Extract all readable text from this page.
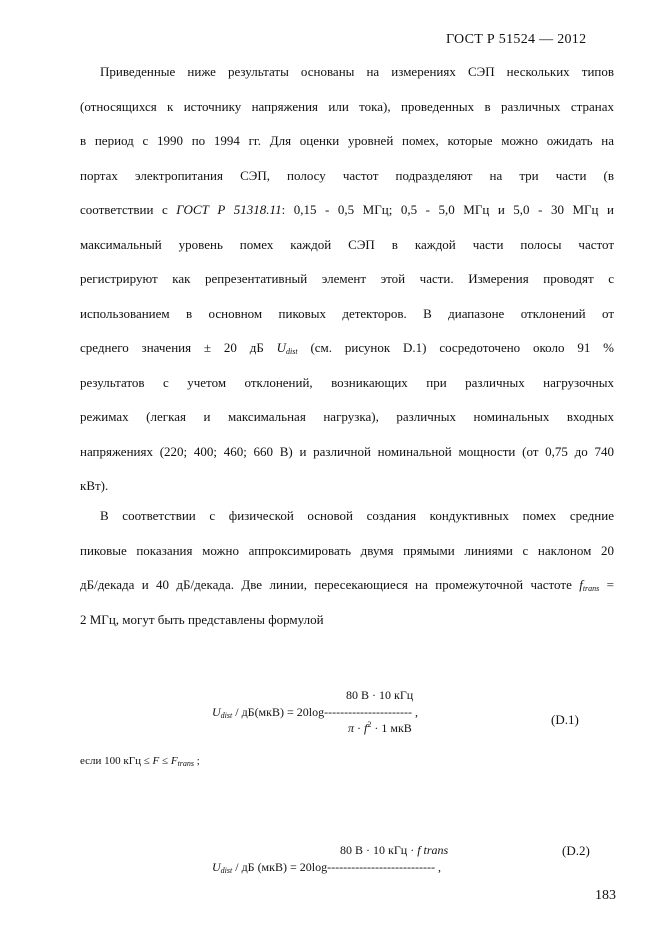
ГОСТ Р 51524 — 2012
Приведенные ниже результаты основаны на измерениях СЭП нескольких типов
(относящихся к источнику напряжения или тока), проведенных в различных странах
в период с 1990 по 1994 гг. Для оценки уровней помех, которые можно ожидать на
портах электропитания СЭП, полосу частот подразделяют на три части (в
соответствии с ГОСТ Р 51318.11: 0,15 - 0,5 МГц; 0,5 - 5,0 МГц и 5,0 - 30 МГц и
максимальный уровень помех каждой СЭП в каждой части полосы частот
регистрируют как репрезентативный элемент этой части. Измерения проводят с
использованием в основном пиковых детекторов. В диапазоне отклонений от
среднего значения ± 20 дБ $U_{dist}$ (см. рисунок D.1) сосредоточено около 91 %
результатов с учетом отклонений, возникающих при различных нагрузочных
режимах (легкая и максимальная нагрузка), различных номинальных входных
напряжениях (220; 400; 460; 660 В) и различной номинальной мощности (от 0,75 до 740
кВт).
В соответствии с физической основой создания кондуктивных помех средние
пиковые показания можно аппроксимировать двумя прямыми линиями с наклоном 20
дБ/декада и 40 дБ/декада. Две линии, пересекающиеся на промежуточной частоте $f_{trans}$ =
2 МГц, могут быть представлены формулой
80 В · 10 кГц
$U_{dist} / дБ(мкВ) = 20\log----------------------$ ,
$\pi \cdot f^2 \cdot 1$ мкВ
(D.1)
если 100 кГц ≤ $F \le F_{trans}$ ;
80 В · 10 кГц · f trans
$U_{dist}$ / дБ (мкВ) = 20log--------------------------- ,
(D.2)
183
